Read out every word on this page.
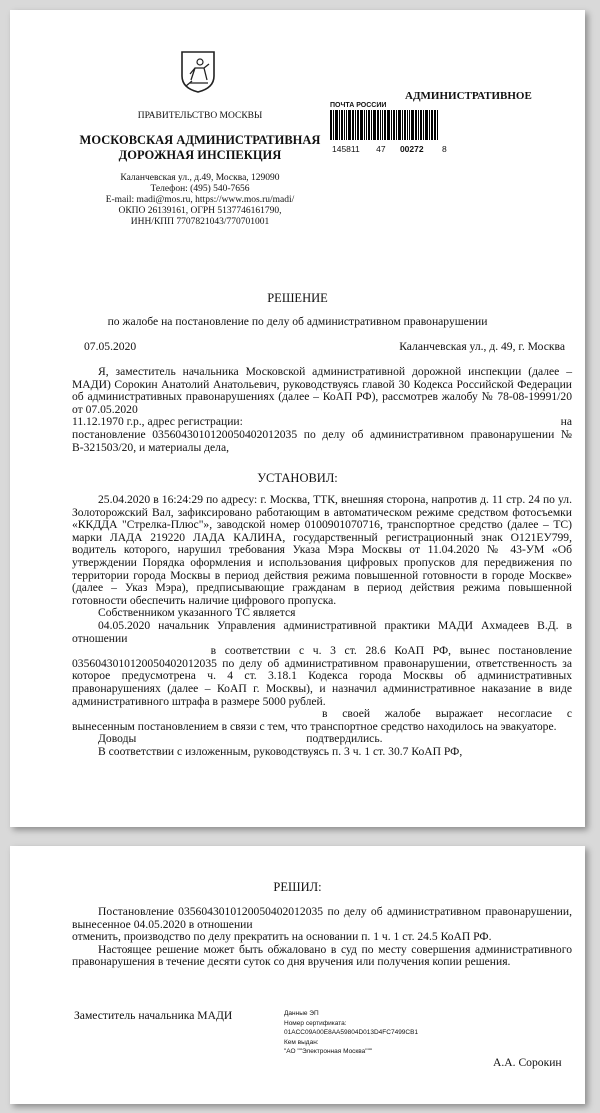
ПРАВИТЕЛЬСТВО МОСКВЫ
МОСКОВСКАЯ АДМИНИСТРАТИВНАЯ
ДОРОЖНАЯ ИНСПЕКЦИЯ
Каланчевская ул., д.49, Москва, 129090
Телефон: (495) 540-7656
E-mail: madi@mos.ru, https://www.mos.ru/madi/
ОКПО 26139161, ОГРН 5137746161790,
ИНН/КПП 7707821043/770701001
ПОЧТА РОССИИ
145811 47 00272 8
АДМИНИСТРАТИВНОЕ
РЕШЕНИЕ
по жалобе на постановление по делу об административном правонарушении
07.05.2020	Каланчевская ул., д. 49, г. Москва

Я, заместитель начальника Московской административной дорожной инспекции (далее – МАДИ) Сорокин Анатолий Анатольевич, руководствуясь главой 30 Кодекса Российской Федерации об административных правонарушениях (далее – КоАП РФ), рассмотрев жалобу № 78-08-19991/20 от 07.05.2020

11.12.1970 г.р., адрес регистрации:	на

постановление 03560430101200504020120​35 по делу об административном правонарушении № В-321503/20, и материалы дела,

УСТАНОВИЛ:

25.04.2020 в 16:24:29 по адресу: г. Москва, ТТК, внешняя сторона, напротив д. 11 стр. 24 по ул. Золоторожский Вал, зафиксировано работающим в автоматическом режиме средством фотосъемки «ККДДА "Стрелка-Плюс"», заводской номер 0100901070716, транспортное средство (далее – ТС) марки ЛАДА 219220 ЛАДА КАЛИНА, государственный регистрационный знак О121ЕУ799, водитель которого, нарушил требования Указа Мэра Москвы от 11.04.2020 № 43-УМ «Об утверждении Порядка оформления и использования цифровых пропусков для передвижения по территории города Москвы в период действия режима повышенной готовности в городе Москве» (далее – Указ Мэра), предписывающие гражданам в период действия режима повышенной готовности обеспечить наличие цифрового пропуска.

Собственником указанного ТС является

04.05.2020 начальник Управления административной практики МАДИ Ахмадеев В.Д. в отношении  в соответствии с ч. 3 ст. 28.6 КоАП РФ, вынес постановление 03560430101200504020120​35 по делу об административном правонарушении, ответственность за которое предусмотрена ч. 4 ст. 3.18.1 Кодекса города Москвы об административных правонарушениях (далее – КоАП г. Москвы), и назначил административное наказание в виде административного штрафа в размере 5000 рублей.

в своей жалобе выражает несогласие с вынесенным постановлением в связи с тем, что транспортное средство находилось на эвакуаторе.

Доводы	подтвердились.

В соответствии с изложенным, руководствуясь п. 3 ч. 1 ст. 30.7 КоАП РФ,

РЕШИЛ:

Постановление 03560430101200504020120​35 по делу об административном правонарушении, вынесенное 04.05.2020 в отношении

отменить, производство по делу прекратить на основании п. 1 ч. 1 ст. 24.5 КоАП РФ.

Настоящее решение может быть обжаловано в суд по месту совершения административного правонарушения в течение десяти суток со дня вручения или получения копии решения.

Заместитель начальника МАДИ	Данные ЭП
Номер сертификата:
01ACC09A00E8AA59804D013D4FC7499CB1
Кем выдан:
"АО ""Электронная Москва"""
А.А. Сорокин
